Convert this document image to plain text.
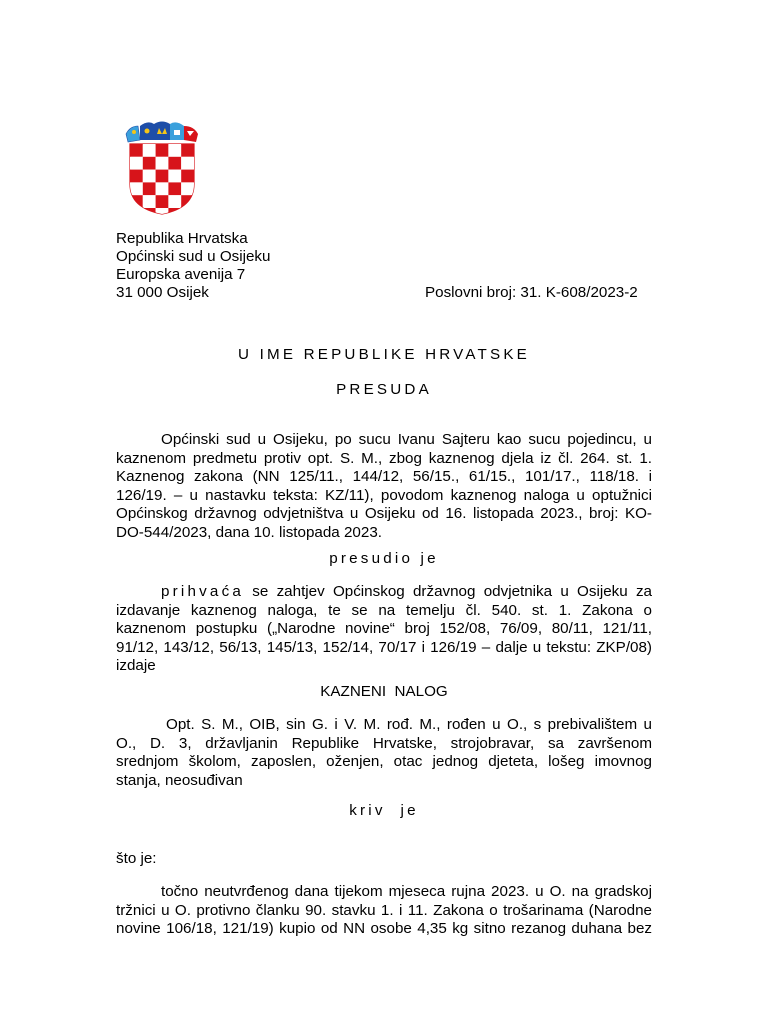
Republika Hrvatska
Općinski sud u Osijeku
Europska avenija 7
31 000 Osijek	Poslovni broj: 31. K-608/2023-2
U IME REPUBLIKE HRVATSKE
PRESUDA
Općinski sud u Osijeku, po sucu Ivanu Sajteru kao sucu pojedincu, u
kaznenom predmetu protiv opt. S. M., zbog kaznenog djela iz čl. 264. st. 1.
Kaznenog zakona (NN 125/11., 144/12, 56/15., 61/15., 101/17., 118/18. i
126/19. – u nastavku teksta: KZ/11), povodom kaznenog naloga u optužnici
Općinskog državnog odvjetništva u Osijeku od 16. listopada 2023., broj: KO-
DO-544/2023, dana 10. listopada 2023.
presudio je
prihvaća se zahtjev Općinskog državnog odvjetnika u Osijeku za
izdavanje kaznenog naloga, te se na temelju čl. 540. st. 1. Zakona o
kaznenom postupku („Narodne novine“ broj 152/08, 76/09, 80/11, 121/11,
91/12, 143/12, 56/13, 145/13, 152/14, 70/17 i 126/19 – dalje u tekstu: ZKP/08)
izdaje
KAZNENI  NALOG
Opt. S. M., OIB, sin G. i V. M. rođ. M., rođen u O., s prebivalištem u
O., D. 3, državljanin Republike Hrvatske, strojobravar, sa završenom
srednjom školom, zaposlen, oženjen, otac jednog djeteta, lošeg imovnog
stanja, neosuđivan
kriv  je
što je:
točno neutvrđenog dana tijekom mjeseca rujna 2023. u O. na gradskoj
tržnici u O. protivno članku 90. stavku 1. i 11. Zakona o trošarinama (Narodne
novine 106/18, 121/19) kupio od NN osobe 4,35 kg sitno rezanog duhana bez
